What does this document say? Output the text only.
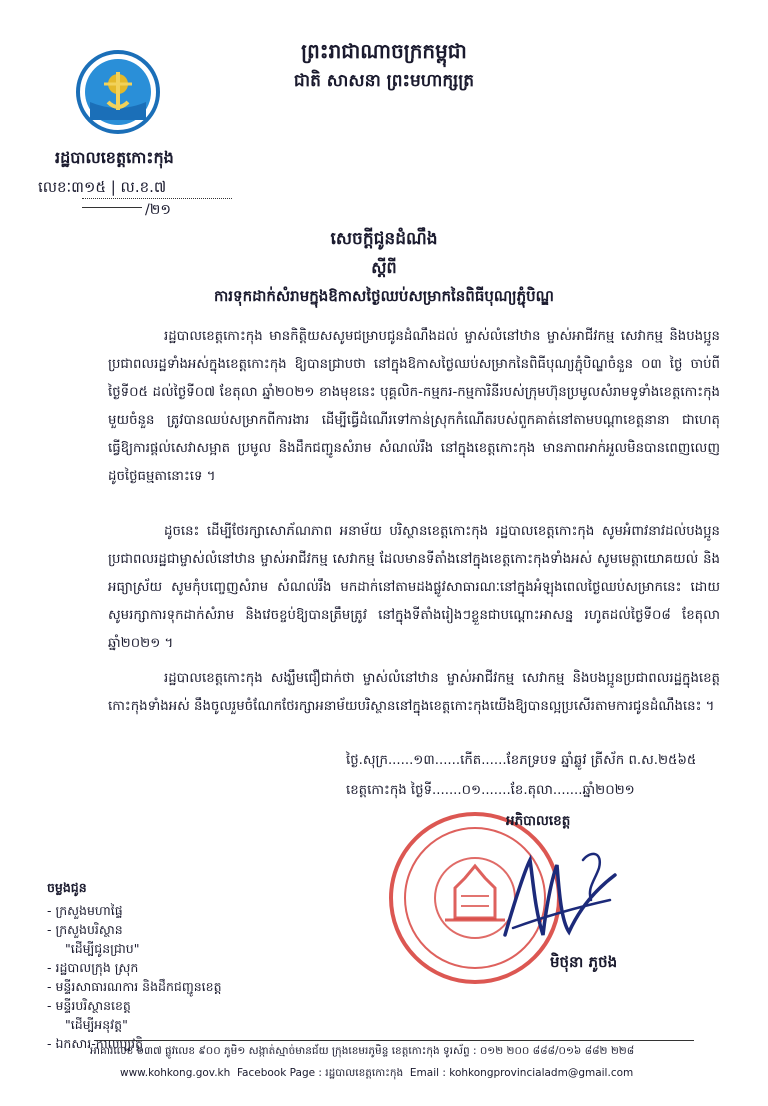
ព្រះរាជាណាចក្រកម្ពុជា
ជាតិ សាសនា ព្រះមហាក្សត្រ
រដ្ឋបាលខេត្តកោះកុង
លេខៈ៣១៥ | ល.ខ.៧
/២១
សេចក្ដីជូនដំណឹង
ស្ដីពី
ការទុកដាក់សំរាមក្នុងឱកាសថ្ងៃឈប់សម្រាកនៃពិធីបុណ្យភ្ជុំបិណ្ឌ
រដ្ឋបាលខេត្តកោះកុង មានកិត្តិយសសូមជម្រាបជូនដំណឹងដល់ ម្ចាស់លំនៅឋាន ម្ចាស់អាជីវកម្ម សេវាកម្ម និងបងប្អូនប្រជាពលរដ្ឋទាំងអស់ក្នុងខេត្តកោះកុង ឱ្យបានជ្រាបថា នៅក្នុងឱកាសថ្ងៃឈប់សម្រាកនៃពិធីបុណ្យភ្ជុំបិណ្ឌចំនួន ០៣ ថ្ងៃ ចាប់ពីថ្ងៃទី០៥ ដល់ថ្ងៃទី០៧ ខែតុលា ឆ្នាំ២០២១ ខាងមុខនេះ បុគ្គលិក-កម្មករ-កម្មការិនីរបស់ក្រុមហ៊ុនប្រមូលសំរាមទូទាំងខេត្តកោះកុងមួយចំនួន ត្រូវបានឈប់សម្រាកពីការងារ ដើម្បីធ្វើដំណើរទៅកាន់ស្រុកកំណើតរបស់ពួកគាត់នៅតាមបណ្ដាខេត្តនានា ជាហេតុធ្វើឱ្យការផ្ដល់សេវាសម្អាត ប្រមូល និងដឹកជញ្ជូនសំរាម សំណល់រឹង នៅក្នុងខេត្តកោះកុង មានភាពអាក់អួលមិនបានពេញលេញដូចថ្ងៃធម្មតានោះទេ ។
ដូចនេះ ដើម្បីថែរក្សាសោភ័ណភាព អនាម័យ បរិស្ថានខេត្តកោះកុង រដ្ឋបាលខេត្តកោះកុង សូមអំពាវនាវដល់បងប្អូនប្រជាពលរដ្ឋជាម្ចាស់លំនៅឋាន ម្ចាស់អាជីវកម្ម សេវាកម្ម ដែលមានទីតាំងនៅក្នុងខេត្តកោះកុងទាំងអស់ សូមមេត្តាយោគយល់ និងអធ្យាស្រ័យ សូមកុំបញ្ចេញសំរាម សំណល់រឹង មកដាក់នៅតាមដងផ្លូវសាធារណៈនៅក្នុងអំឡុងពេលថ្ងៃឈប់សម្រាកនេះ ដោយសូមរក្សាការទុកដាក់សំរាម និងវេចខ្ចប់ឱ្យបានត្រឹមត្រូវ នៅក្នុងទីតាំងរៀងៗខ្លួនជាបណ្ដោះអាសន្ន រហូតដល់ថ្ងៃទី០៨ ខែតុលា ឆ្នាំ២០២១ ។
រដ្ឋបាលខេត្តកោះកុង សង្ឃឹមជឿជាក់ថា ម្ចាស់លំនៅឋាន ម្ចាស់អាជីវកម្ម សេវាកម្ម និងបងប្អូនប្រជាពលរដ្ឋក្នុងខេត្តកោះកុងទាំងអស់ នឹងចូលរួមចំណែកថែរក្សាអនាម័យបរិស្ថាននៅក្នុងខេត្តកោះកុងយើងឱ្យបានល្អប្រសើរតាមការជូនដំណឹងនេះ ។
ថ្ងៃ.សុក្រ......១៣......កើត......ខែភទ្របទ ឆ្នាំឆ្លូវ ត្រីស័ក ព.ស.២៥៦៥
ខេត្តកោះកុង ថ្ងៃទី.......០១.......ខែ.តុលា.......ឆ្នាំ២០២១
អភិបាលខេត្ត
មិថុនា ភូថង
ចម្លងជូន
- ក្រសួងមហាផ្ទៃ
- ក្រសួងបរិស្ថាន
"ដើម្បីជូនជ្រាប"
- រដ្ឋបាលក្រុង ស្រុក
- មន្ទីរសាធារណការ និងដឹកជញ្ជូនខេត្ត
- មន្ទីរបរិស្ថានខេត្ត
"ដើម្បីអនុវត្ត"
- ឯកសារ-កាលប្បវត្តិ
អាគារលេខ ៦៣៧ ផ្លូវលេខ ៩០០ ភូមិ១ សង្កាត់ស្មាច់មានជ័យ ក្រុងខេមរភូមិន្ទ ខេត្តកោះកុង ទូរស័ព្ទ : ០១២ ២០០ ៨៨៨/០១៦ ៨៨២ ២២៨
www.kohkong.gov.kh Facebook Page : រដ្ឋបាលខេត្តកោះកុង Email : kohkongprovincialadm@gmail.com
